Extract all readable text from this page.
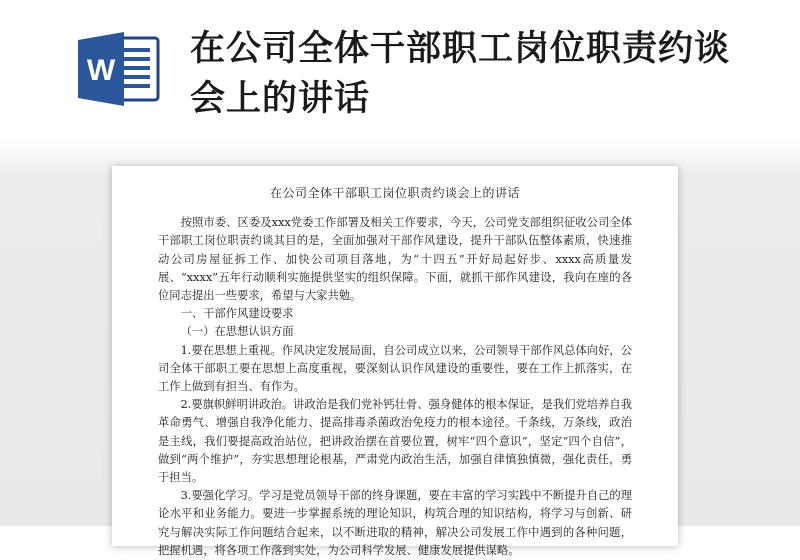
W
在公司全体干部职工岗位职责约谈会上的讲话
在公司全体干部职工岗位职责约谈会上的讲话

按照市委、区委及xxx党委工作部署及相关工作要求，今天，公司党支部组织征收公司全体干部职工岗位职责约谈其目的是，全面加强对干部作风建设，提升干部队伍整体素质，快速推动公司房屋征拆工作、加快公司项目落地，为“十四五”开好局起好步、xxxx高质量发展、“xxxx”五年行动顺利实施提供坚实的组织保障。下面，就抓干部作风建设，我向在座的各位同志提出一些要求，希望与大家共勉。

一、干部作风建设要求

（一）在思想认识方面

1.要在思想上重视。作风决定发展局面，自公司成立以来，公司领导干部作风总体向好，公司全体干部职工要在思想上高度重视，要深刻认识作风建设的重要性，要在工作上抓落实，在工作上做到有担当、有作为。

2.要旗帜鲜明讲政治。讲政治是我们党补钙壮骨、强身健体的根本保证，是我们党培养自我革命勇气、增强自我净化能力、提高排毒杀菌政治免疫力的根本途径。千条线，万条线，政治是主线，我们要提高政治站位，把讲政治摆在首要位置，树牢“四个意识”，坚定“四个自信”，做到“两个维护”，夯实思想理论根基，严肃党内政治生活，加强自律慎独慎微，强化责任，勇于担当。

3.要强化学习。学习是党员领导干部的终身课题，要在丰富的学习实践中不断提升自己的理论水平和业务能力。要进一步掌握系统的理论知识，构筑合理的知识结构，将学习与创新、研究与解决实际工作问题结合起来，以不断进取的精神，解决公司发展工作中遇到的各种问题，把握机遇，将各项工作落到实处，为公司科学发展、健康发展提供谋略。
